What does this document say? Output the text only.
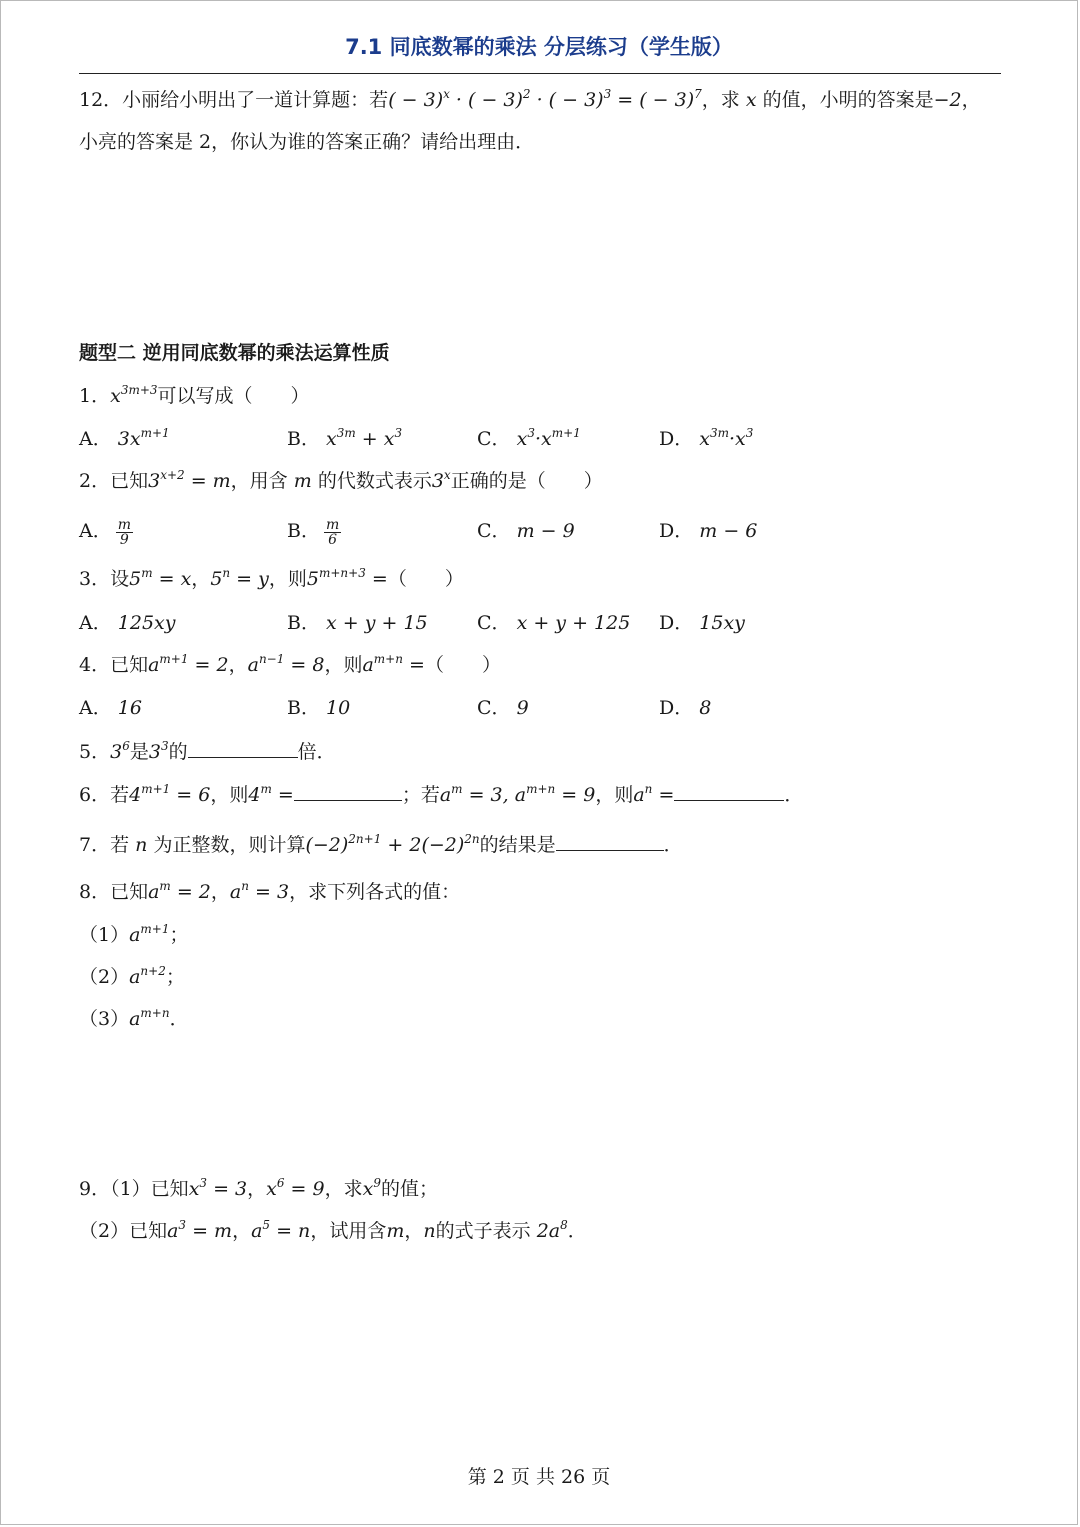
7.1 同底数幂的乘法 分层练习（学生版）
12．小丽给小明出了一道计算题：若( − 3)$^x$ · ( − 3)$^2$ · ( − 3)$^3$ = ( − 3)$^7$，求 x 的值，小明的答案是−2，
小亮的答案是 2，你认为谁的答案正确？请给出理由．
题型二 逆用同底数幂的乘法运算性质
1．$x^{3m+3}$可以写成（　　）
A． $3x^{m+1}$	B． $x^{3m} + x^3$	C． $x^3\cdot x^{m+1}$	D． $x^{3m}\cdot x^3$
2．已知$3^{x+2} = m$，用含 m 的代数式表示3$^x$正确的是（　　）
A． $\frac{m}{9}$	B． $\frac{m}{6}$	C． m − 9	D． m − 6
3．设$5^m = x$，$5^n = y$，则$5^{m+n+3}$ =（　　）
A． 125xy	B． x + y + 15	C． x + y + 125 D． 15xy
4．已知$a^{m+1} = 2$，$a^{n-1} = 8$，则$a^{m+n}$ =（　　）
A． 16	B． 10	C． 9	D． 8
5．$3^6$是$3^3$的	倍．
6．若$4^{m+1} = 6$，则$4^m$ =	；若$a^m = 3$, $a^{m+n} = 9$，则$a^n$ =	．
7．若 n 为正整数，则计算$(-2)^{2n+1} + 2(-2)^{2n}$的结果是	．
8．已知$a^m = 2$，$a^n = 3$，求下列各式的值：
$(1)a^{m+1}$；
$(2)a^{n+2}$；
$(3)a^{m+n}$．
9．（1）已知$x^3 = 3$，$x^6 = 9$，求$x^9$的值；
（2）已知$a^3 = m$，$a^5 = n$，试用含m，n的式子表示 $2a^8$．
第 2 页 共 26 页
